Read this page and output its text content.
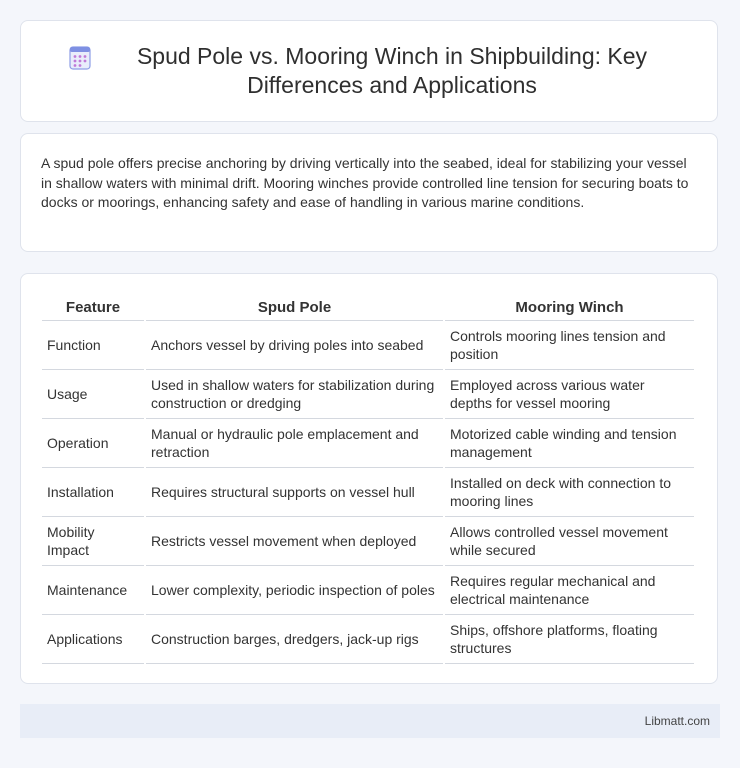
Spud Pole vs. Mooring Winch in Shipbuilding: Key Differences and Applications

A spud pole offers precise anchoring by driving vertically into the seabed, ideal for stabilizing your vessel in shallow waters with minimal drift. Mooring winches provide controlled line tension for securing boats to docks or moorings, enhancing safety and ease of handling in various marine conditions.

Feature	Spud Pole	Mooring Winch
Function	Anchors vessel by driving poles into seabed	Controls mooring lines tension and position
Usage	Used in shallow waters for stabilization during construction or dredging	Employed across various water depths for vessel mooring
Operation	Manual or hydraulic pole emplacement and retraction	Motorized cable winding and tension management
Installation	Requires structural supports on vessel hull	Installed on deck with connection to mooring lines
Mobility Impact	Restricts vessel movement when deployed	Allows controlled vessel movement while secured
Maintenance	Lower complexity, periodic inspection of poles	Requires regular mechanical and electrical maintenance
Applications	Construction barges, dredgers, jack-up rigs	Ships, offshore platforms, floating structures
Libmatt.com
